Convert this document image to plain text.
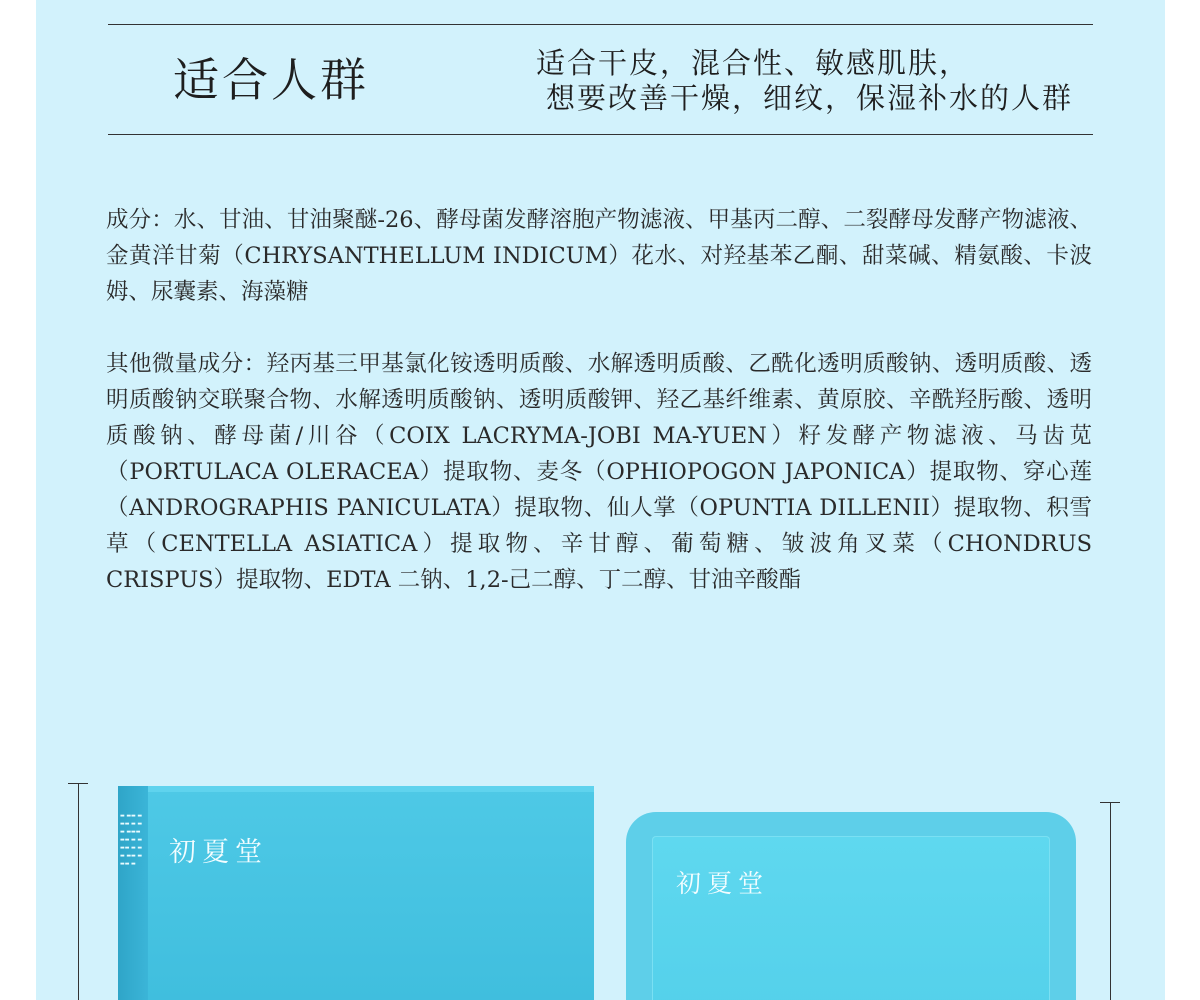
适合人群	适合干皮，混合性、敏感肌肤，
想要改善干燥，细纹，保湿补水的人群

成分：水、甘油、甘油聚醚-26、酵母菌发酵溶胞产物滤液、甲基丙二醇、二裂酵母发酵产物滤液、金黄洋甘菊（CHRYSANTHELLUM INDICUM）花水、对羟基苯乙酮、甜菜碱、精氨酸、卡波姆、尿囊素、海藻糖

其他微量成分：羟丙基三甲基氯化铵透明质酸、水解透明质酸、乙酰化透明质酸钠、透明质酸、透明质酸钠交联聚合物、水解透明质酸钠、透明质酸钾、羟乙基纤维素、黄原胶、辛酰羟肟酸、透明质酸钠、酵母菌/川谷（COIX LACRYMA-JOBI MA-YUEN）籽发酵产物滤液、马齿苋（PORTULACA OLERACEA）提取物、麦冬（OPHIOPOGON JAPONICA）提取物、穿心莲（ANDROGRAPHIS PANICULATA）提取物、仙人掌（OPUNTIA DILLENII）提取物、积雪草（CENTELLA ASIATICA）提取物、辛甘醇、葡萄糖、皱波角叉菜（CHONDRUS CRISPUS）提取物、EDTA 二钠、1,2-己二醇、丁二醇、甘油辛酸酯

▬ ▬▬ ▬▬▬ ▬ ▬▬ ▬▬▬ ▬▬ ▬ ▬▬▬ ▬ ▬▬ ▬▬ ▬▬▬ ▬	初夏堂
初夏堂
